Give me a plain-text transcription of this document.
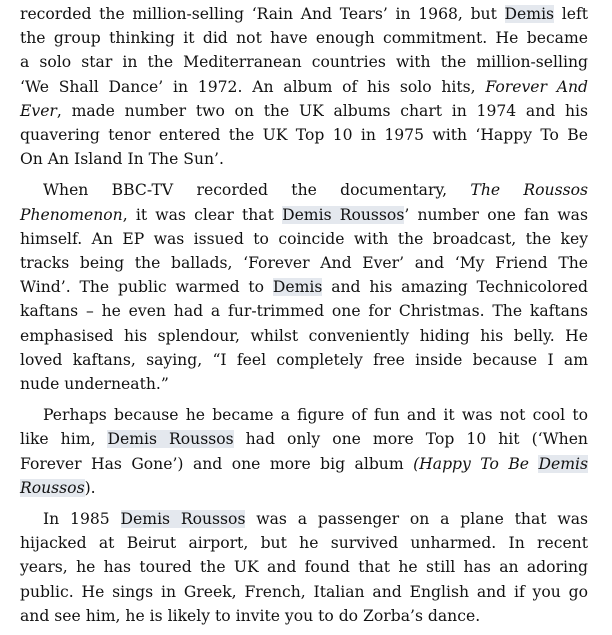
recorded the million-selling ‘Rain And Tears’ in 1968, but Demis left
the group thinking it did not have enough commitment. He became
a solo star in the Mediterranean countries with the million-selling
‘We Shall Dance’ in 1972. An album of his solo hits, Forever And
Ever, made number two on the UK albums chart in 1974 and his
quavering tenor entered the UK Top 10 in 1975 with ‘Happy To Be
On An Island In The Sun’.
When BBC-TV recorded the documentary, The Roussos
Phenomenon, it was clear that Demis Roussos’ number one fan was
himself. An EP was issued to coincide with the broadcast, the key
tracks being the ballads, ‘Forever And Ever’ and ‘My Friend The
Wind’. The public warmed to Demis and his amazing Technicolored
kaftans – he even had a fur-trimmed one for Christmas. The kaftans
emphasised his splendour, whilst conveniently hiding his belly. He
loved kaftans, saying, “I feel completely free inside because I am
nude underneath.”
Perhaps because he became a figure of fun and it was not cool to
like him, Demis Roussos had only one more Top 10 hit (‘When
Forever Has Gone’) and one more big album (Happy To Be Demis
Roussos).
In 1985 Demis Roussos was a passenger on a plane that was
hijacked at Beirut airport, but he survived unharmed. In recent
years, he has toured the UK and found that he still has an adoring
public. He sings in Greek, French, Italian and English and if you go
and see him, he is likely to invite you to do Zorba’s dance.
